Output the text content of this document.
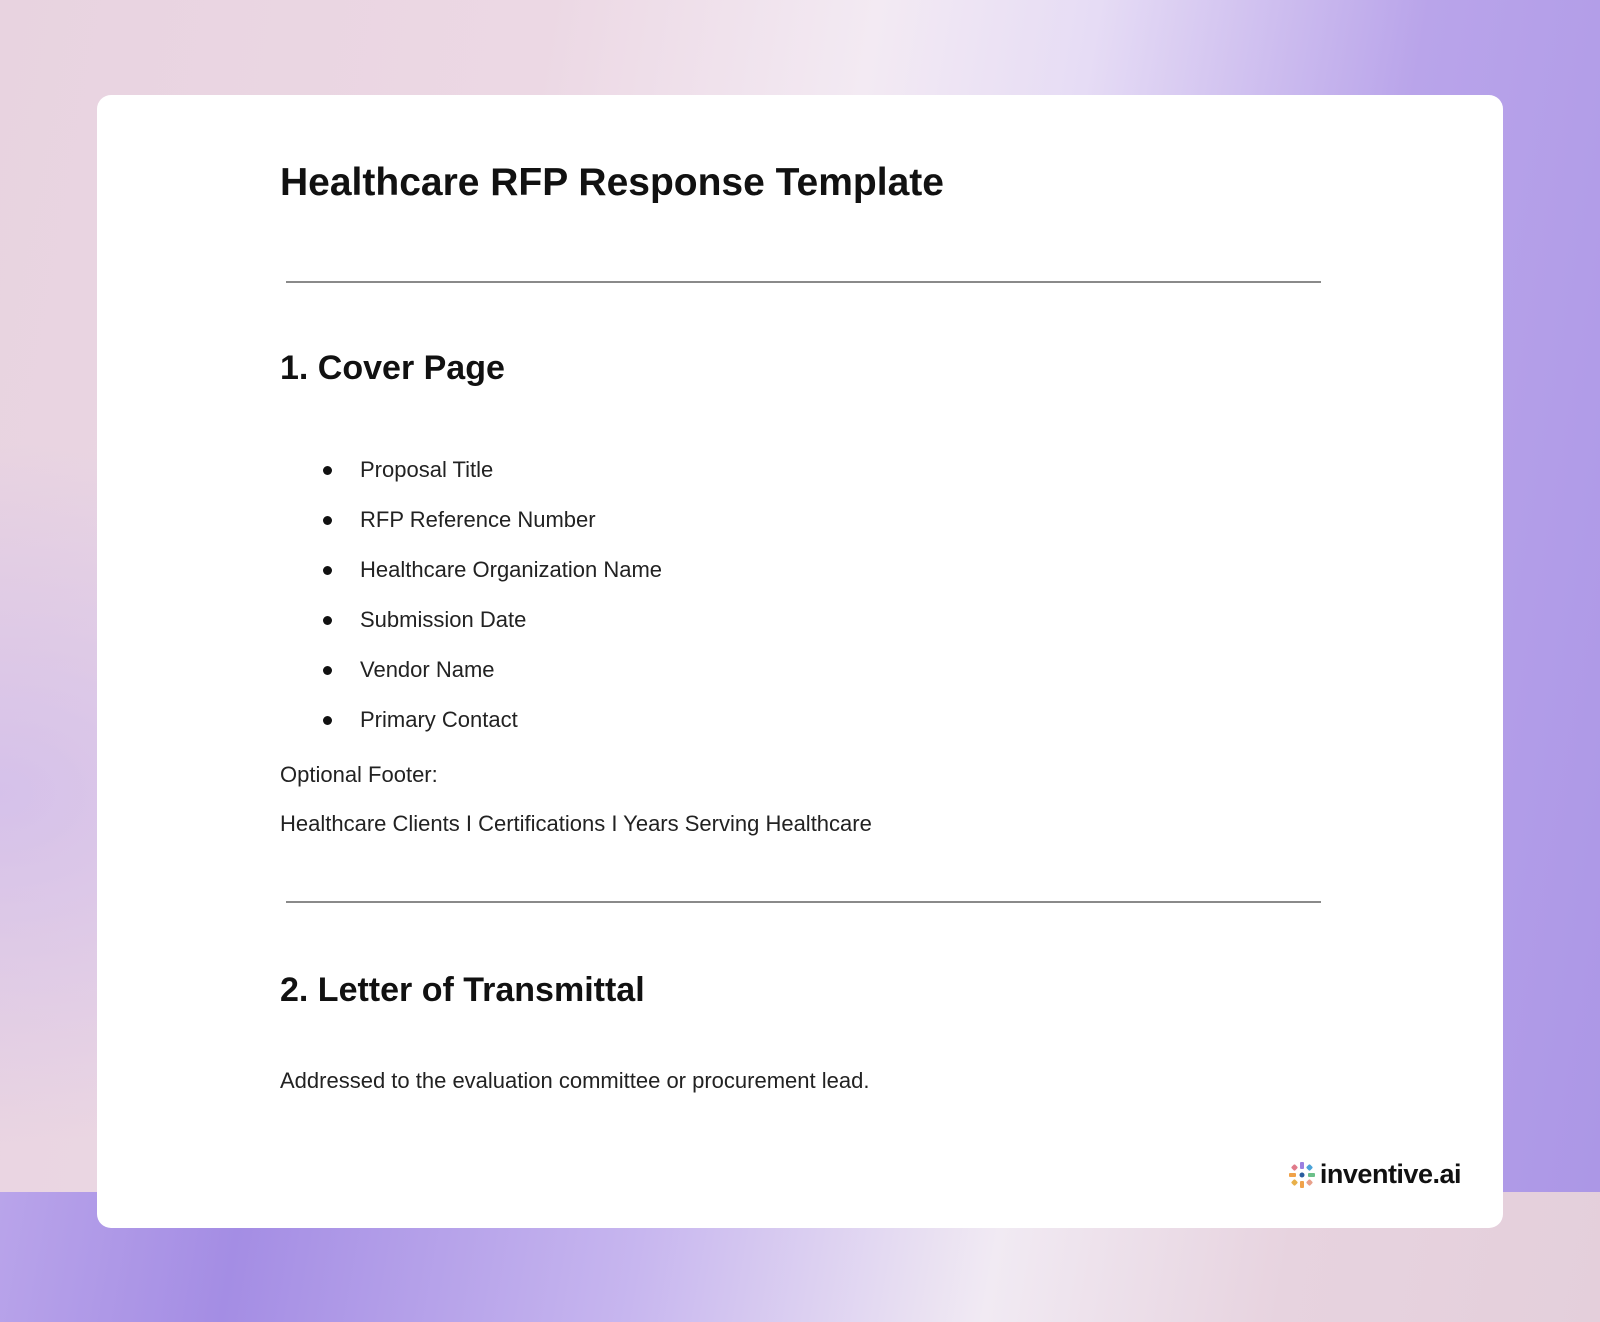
Healthcare RFP Response Template
1. Cover Page
Proposal Title
RFP Reference Number
Healthcare Organization Name
Submission Date
Vendor Name
Primary Contact

Optional Footer:

Healthcare Clients I Certifications I Years Serving Healthcare

2. Letter of Transmittal

Addressed to the evaluation committee or procurement lead.

inventive.ai
